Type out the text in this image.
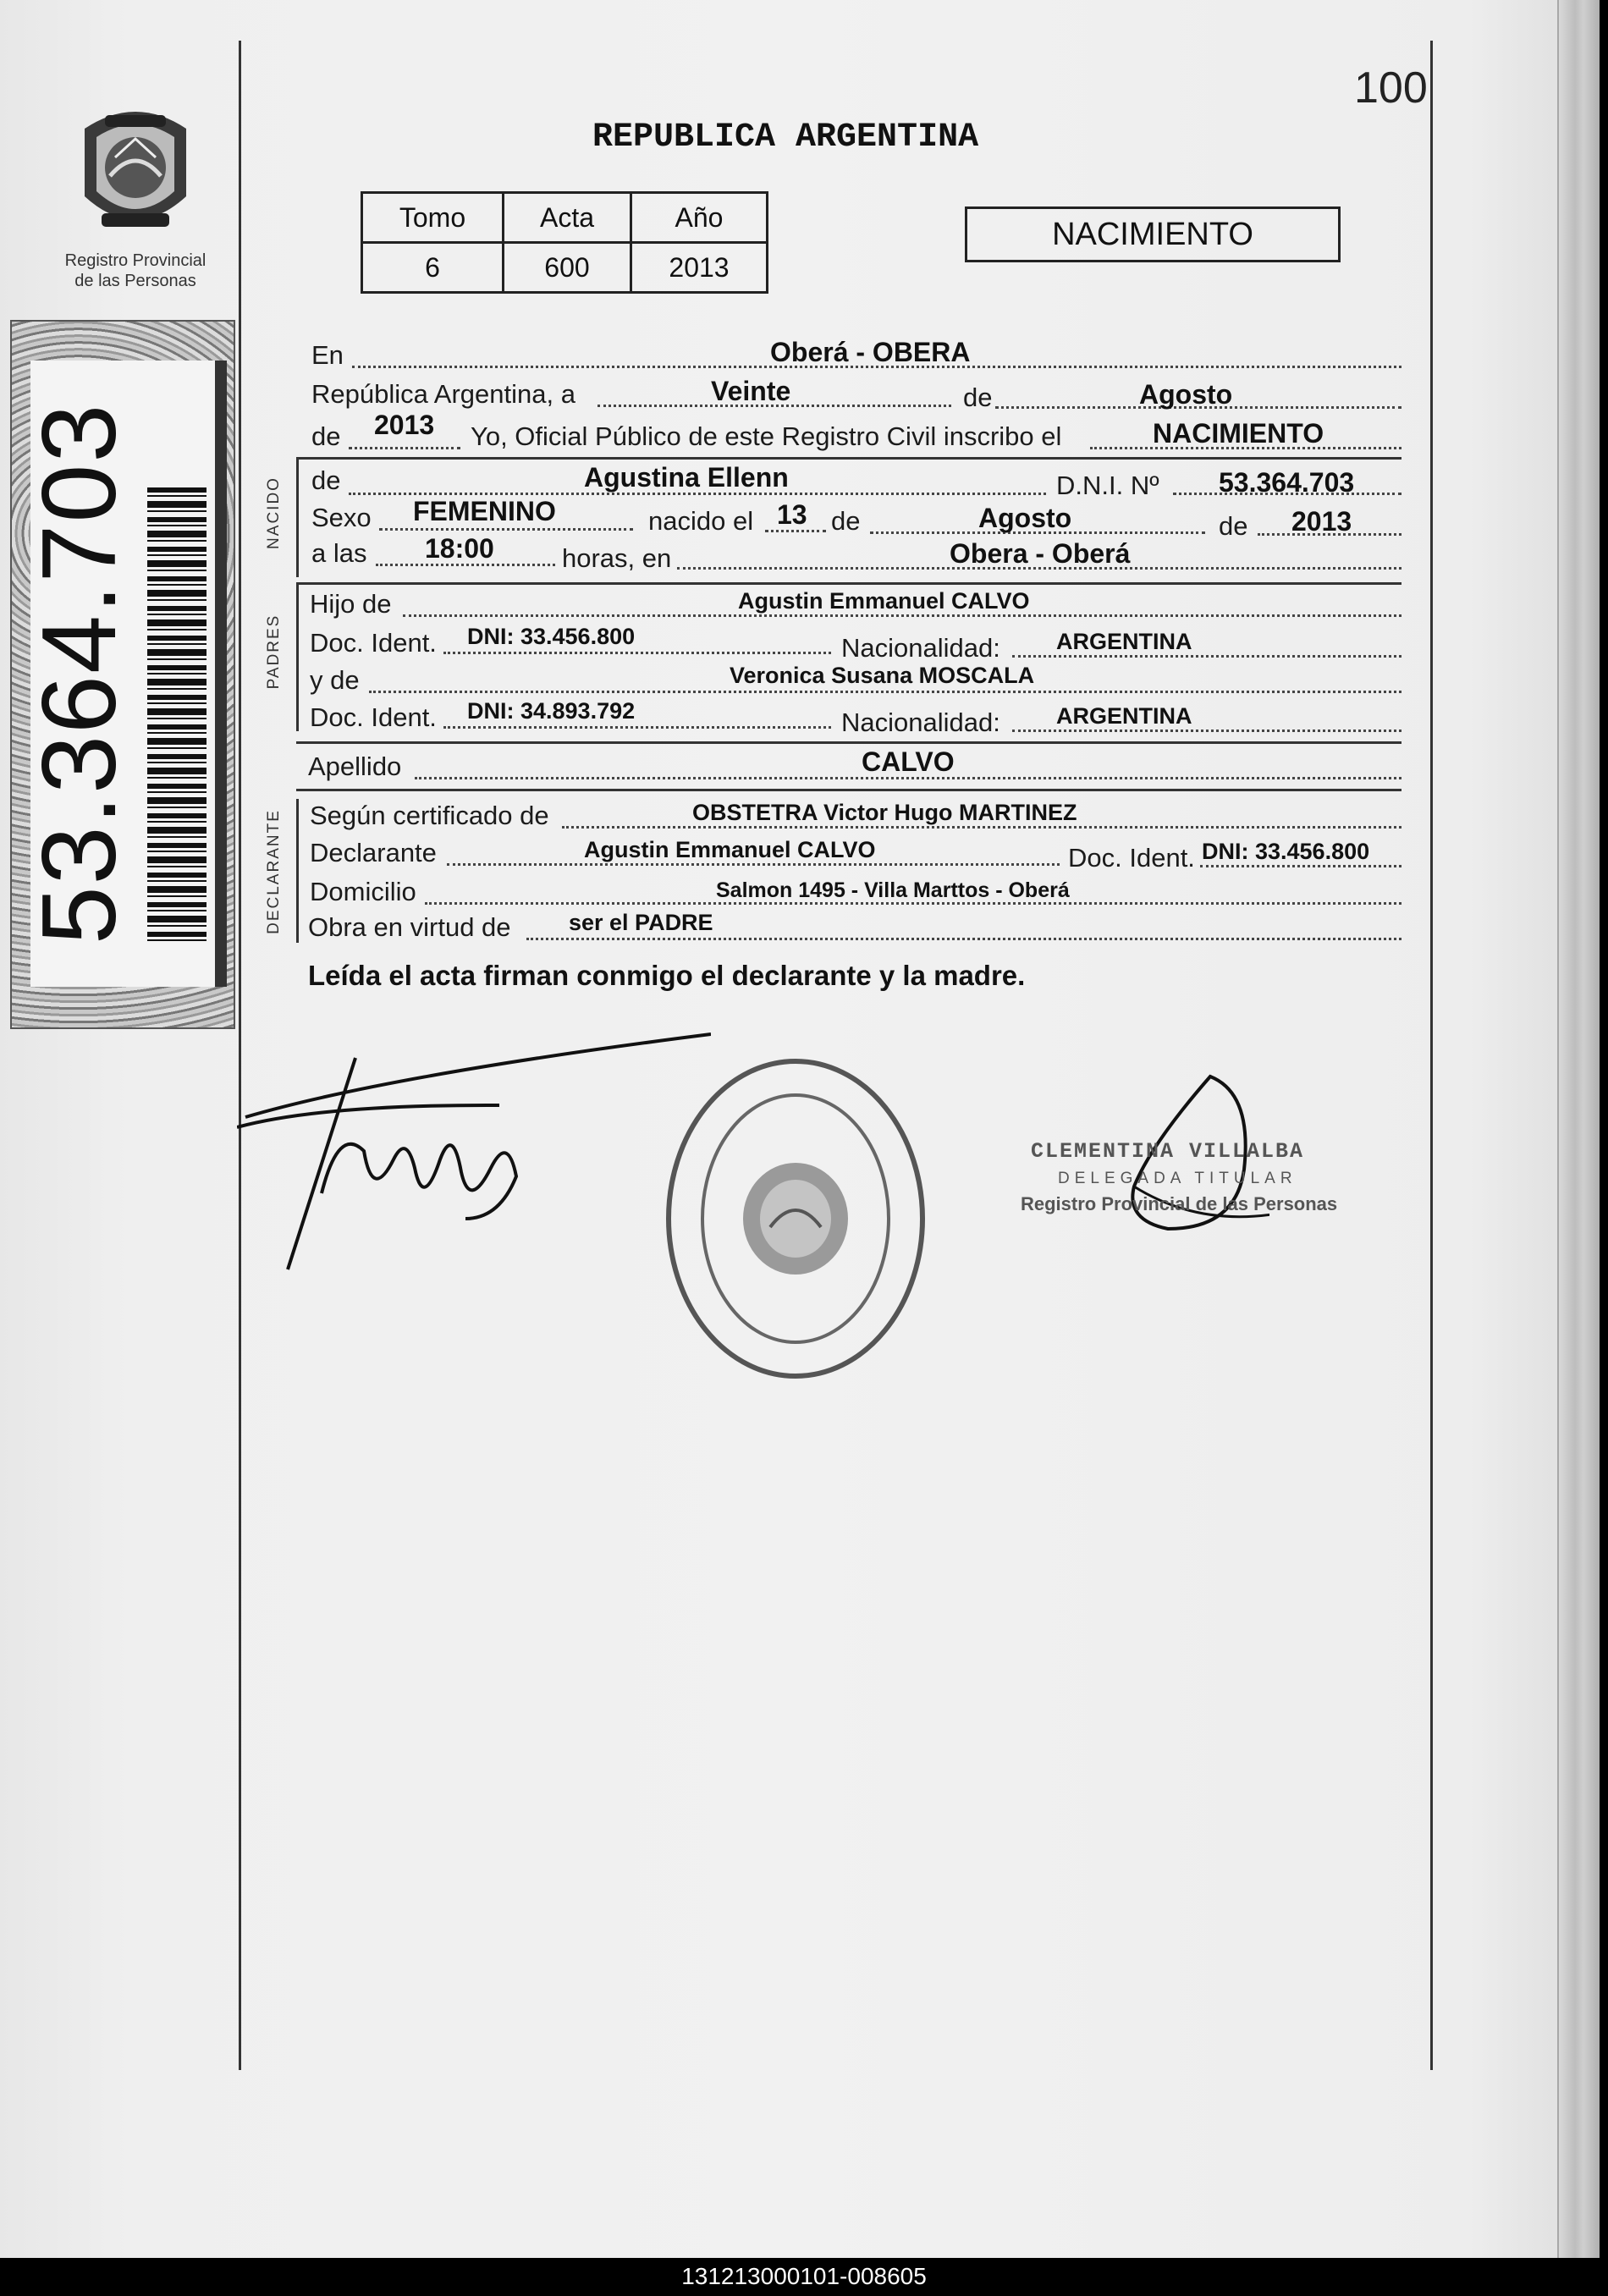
100
Registro Provincial
de las Personas
53.364.703
REPUBLICA ARGENTINA
Tomo	Acta	Año
6	600	2013
NACIMIENTO
En	Oberá - OBERA
República Argentina, a	Veinte	de	Agosto
de 2013 Yo, Oficial Público de este Registro Civil inscribo el	NACIMIENTO
NACIDO de	Agustina Ellenn	D.N.I. Nº 53.364.703
Sexo FEMENINO	nacido el 13 de	Agosto	de 2013
a las 18:00	horas, en	Obera - Oberá
PADRES
Hijo de	Agustin Emmanuel CALVO
Doc. Ident. DNI: 33.456.800	Nacionalidad: ARGENTINA
y de	Veronica Susana MOSCALA
Doc. Ident. DNI: 34.893.792	Nacionalidad: ARGENTINA
Apellido	CALVO
DECLARANTE Según certificado de	OBSTETRA Victor Hugo MARTINEZ
Declarante	Agustin Emmanuel CALVO	Doc. Ident. DNI: 33.456.800
Domicilio	Salmon 1495 - Villa Marttos - Oberá
Obra en virtud de	ser el PADRE
Leída el acta firman conmigo el declarante y la madre.
CLEMENTINA VILLALBA
DELEGADA TITULAR
Registro Provincial de las Personas
131213000101-008605
